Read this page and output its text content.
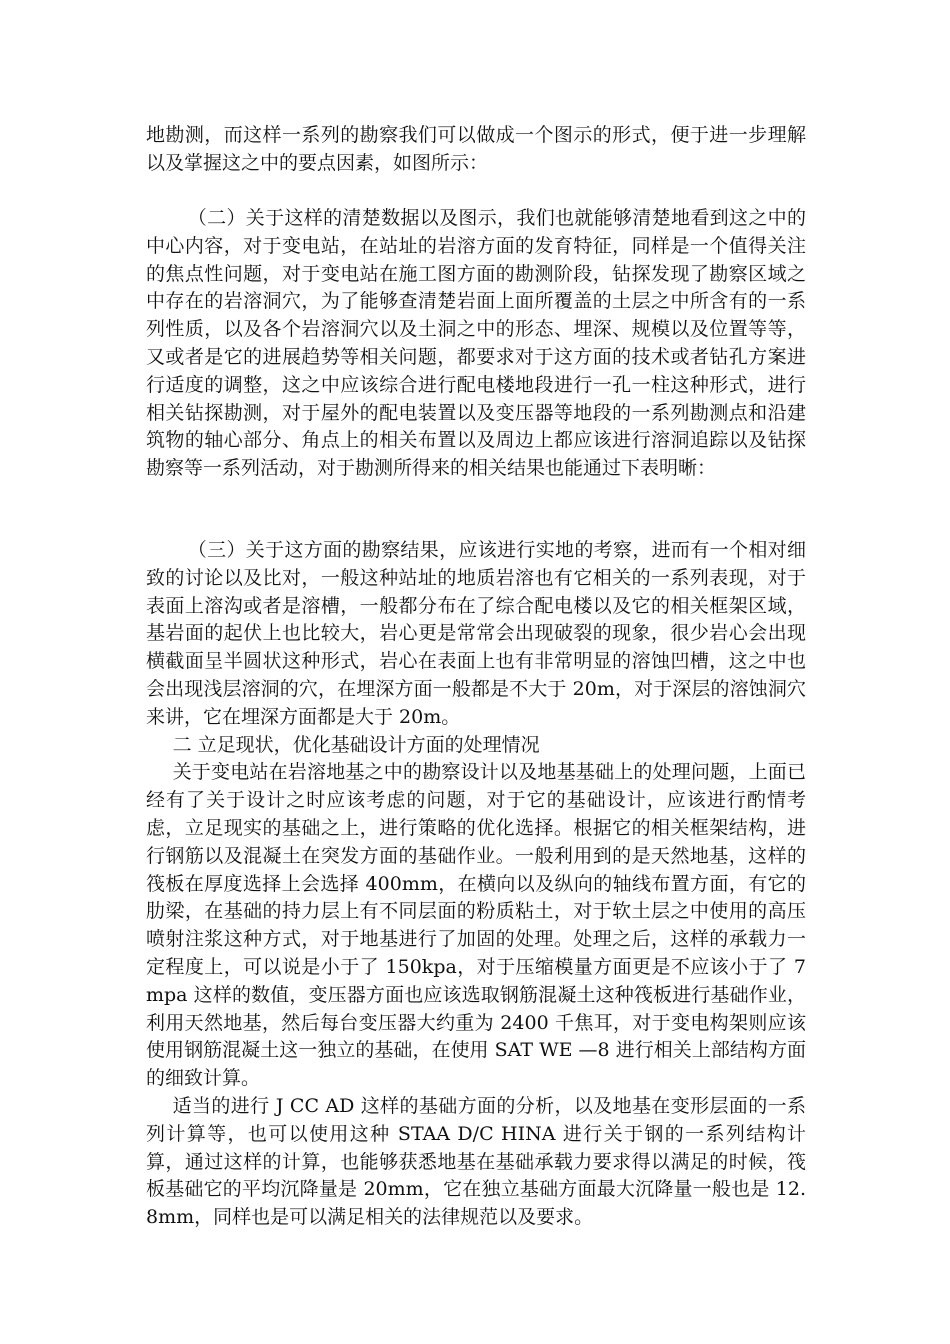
地勘测，而这样一系列的勘察我们可以做成一个图示的形式，便于进一步理解以及掌握这之中的要点因素，如图所示：

（二）关于这样的清楚数据以及图示，我们也就能够清楚地看到这之中的中心内容，对于变电站，在站址的岩溶方面的发育特征，同样是一个值得关注的焦点性问题，对于变电站在施工图方面的勘测阶段，钻探发现了勘察区域之中存在的岩溶洞穴，为了能够查清楚岩面上面所覆盖的土层之中所含有的一系列性质，以及各个岩溶洞穴以及土洞之中的形态、埋深、规模以及位置等等，又或者是它的进展趋势等相关问题，都要求对于这方面的技术或者钻孔方案进行适度的调整，这之中应该综合进行配电楼地段进行一孔一柱这种形式，进行相关钻探勘测，对于屋外的配电装置以及变压器等地段的一系列勘测点和沿建筑物的轴心部分、角点上的相关布置以及周边上都应该进行溶洞追踪以及钻探勘察等一系列活动，对于勘测所得来的相关结果也能通过下表明晰：

（三）关于这方面的勘察结果，应该进行实地的考察，进而有一个相对细致的讨论以及比对，一般这种站址的地质岩溶也有它相关的一系列表现，对于表面上溶沟或者是溶槽，一般都分布在了综合配电楼以及它的相关框架区域，基岩面的起伏上也比较大，岩心更是常常会出现破裂的现象，很少岩心会出现横截面呈半圆状这种形式，岩心在表面上也有非常明显的溶蚀凹槽，这之中也会出现浅层溶洞的穴，在埋深方面一般都是不大于 20m，对于深层的溶蚀洞穴来讲，它在埋深方面都是大于 20m。

二 立足现状，优化基础设计方面的处理情况

关于变电站在岩溶地基之中的勘察设计以及地基基础上的处理问题，上面已经有了关于设计之时应该考虑的问题，对于它的基础设计，应该进行酌情考虑，立足现实的基础之上，进行策略的优化选择。根据它的相关框架结构，进行钢筋以及混凝土在突发方面的基础作业。一般利用到的是天然地基，这样的筏板在厚度选择上会选择 400mm，在横向以及纵向的轴线布置方面，有它的肋梁，在基础的持力层上有不同层面的粉质粘土，对于软土层之中使用的高压喷射注浆这种方式，对于地基进行了加固的处理。处理之后，这样的承载力一定程度上，可以说是小于了 150kpa，对于压缩模量方面更是不应该小于了 7mpa 这样的数值，变压器方面也应该选取钢筋混凝土这种筏板进行基础作业，利用天然地基，然后每台变压器大约重为 2400 千焦耳，对于变电构架则应该使用钢筋混凝土这一独立的基础，在使用 SAT WE —8 进行相关上部结构方面的细致计算。

适当的进行 J CC AD 这样的基础方面的分析，以及地基在变形层面的一系列计算等，也可以使用这种 STAA D/C HINA 进行关于钢的一系列结构计算，通过这样的计算，也能够获悉地基在基础承载力要求得以满足的时候，筏板基础它的平均沉降量是 20mm，它在独立基础方面最大沉降量一般也是 12.8mm，同样也是可以满足相关的法律规范以及要求。
